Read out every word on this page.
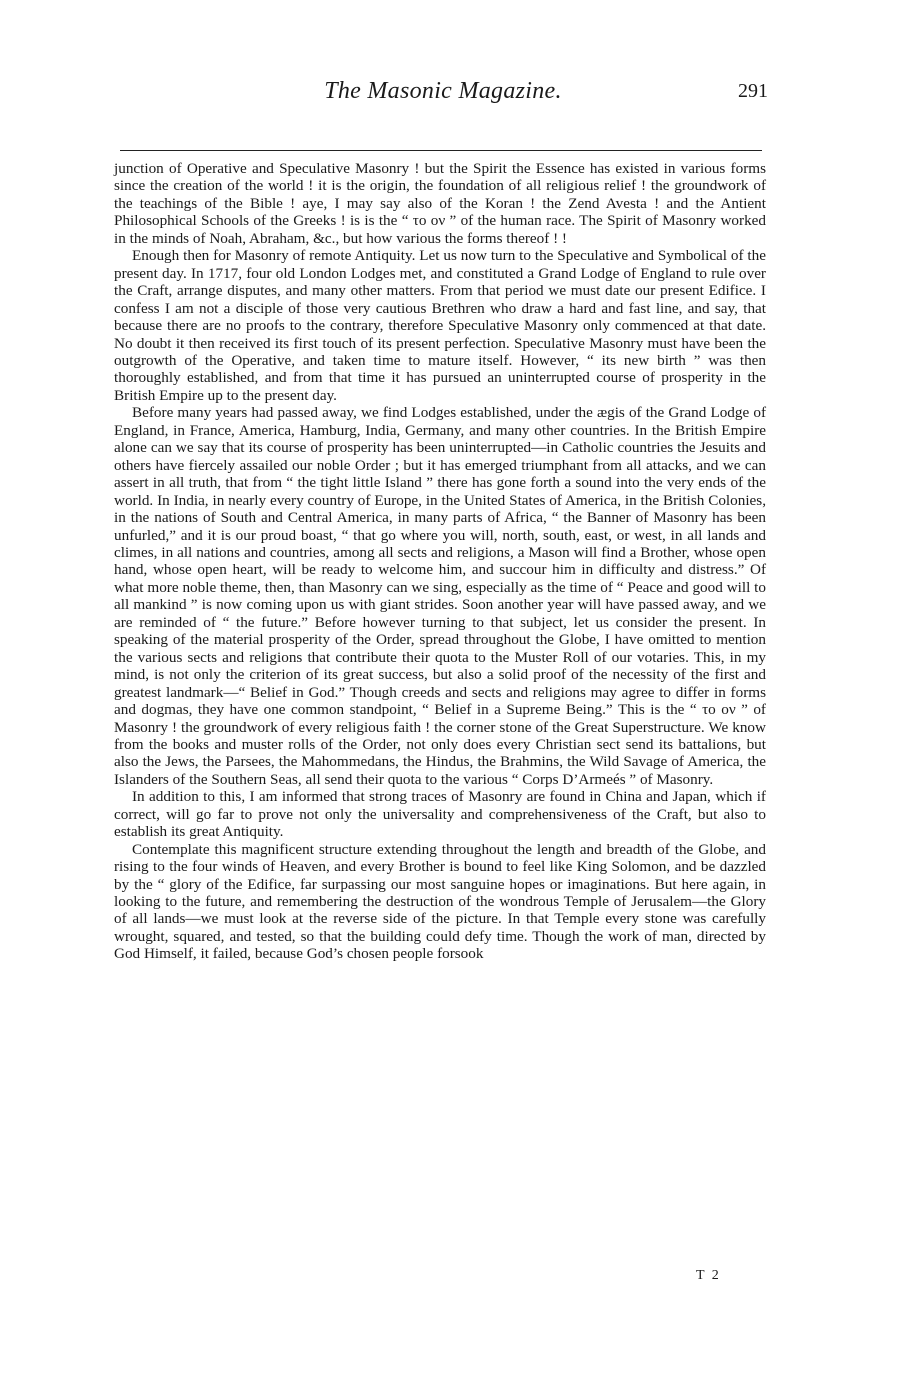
The Masonic Magazine.	291

junction of Operative and Speculative Masonry ! but the Spirit the Essence has existed in various forms since the creation of the world ! it is the origin, the foundation of all religious relief ! the groundwork of the teachings of the Bible ! aye, I may say also of the Koran ! the Zend Avesta ! and the Antient Philosophical Schools of the Greeks ! is is the “ το ον ” of the human race. The Spirit of Masonry worked in the minds of Noah, Abraham, &c., but how various the forms thereof ! !

Enough then for Masonry of remote Antiquity. Let us now turn to the Speculative and Symbolical of the present day. In 1717, four old London Lodges met, and constituted a Grand Lodge of England to rule over the Craft, arrange disputes, and many other matters. From that period we must date our present Edifice. I confess I am not a disciple of those very cautious Brethren who draw a hard and fast line, and say, that because there are no proofs to the contrary, therefore Speculative Masonry only commenced at that date. No doubt it then received its first touch of its present perfection. Speculative Masonry must have been the outgrowth of the Operative, and taken time to mature itself. However, “ its new birth ” was then thoroughly established, and from that time it has pursued an uninterrupted course of prosperity in the British Empire up to the present day.

Before many years had passed away, we find Lodges established, under the ægis of the Grand Lodge of England, in France, America, Hamburg, India, Germany, and many other countries. In the British Empire alone can we say that its course of prosperity has been uninterrupted—in Catholic countries the Jesuits and others have fiercely assailed our noble Order ; but it has emerged triumphant from all attacks, and we can assert in all truth, that from “ the tight little Island ” there has gone forth a sound into the very ends of the world. In India, in nearly every country of Europe, in the United States of America, in the British Colonies, in the nations of South and Central America, in many parts of Africa, “ the Banner of Masonry has been unfurled,” and it is our proud boast, “ that go where you will, north, south, east, or west, in all lands and climes, in all nations and countries, among all sects and religions, a Mason will find a Brother, whose open hand, whose open heart, will be ready to welcome him, and succour him in difficulty and distress.” Of what more noble theme, then, than Masonry can we sing, especially as the time of “ Peace and good will to all mankind ” is now coming upon us with giant strides. Soon another year will have passed away, and we are reminded of “ the future.” Before however turning to that subject, let us consider the present. In speaking of the material prosperity of the Order, spread throughout the Globe, I have omitted to mention the various sects and religions that contribute their quota to the Muster Roll of our votaries. This, in my mind, is not only the criterion of its great success, but also a solid proof of the necessity of the first and greatest landmark—“ Belief in God.” Though creeds and sects and religions may agree to differ in forms and dogmas, they have one common standpoint, “ Belief in a Supreme Being.” This is the “ το ον ” of Masonry ! the groundwork of every religious faith ! the corner stone of the Great Superstructure. We know from the books and muster rolls of the Order, not only does every Christian sect send its battalions, but also the Jews, the Parsees, the Mahommedans, the Hindus, the Brahmins, the Wild Savage of America, the Islanders of the Southern Seas, all send their quota to the various “ Corps D’Armeés ” of Masonry.

In addition to this, I am informed that strong traces of Masonry are found in China and Japan, which if correct, will go far to prove not only the universality and comprehensiveness of the Craft, but also to establish its great Antiquity.

Contemplate this magnificent structure extending throughout the length and breadth of the Globe, and rising to the four winds of Heaven, and every Brother is bound to feel like King Solomon, and be dazzled by the “ glory of the Edifice, far surpassing our most sanguine hopes or imaginations. But here again, in looking to the future, and remembering the destruction of the wondrous Temple of Jerusalem—the Glory of all lands—we must look at the reverse side of the picture. In that Temple every stone was carefully wrought, squared, and tested, so that the building could defy time. Though the work of man, directed by God Himself, it failed, because God’s chosen people forsook

T 2
